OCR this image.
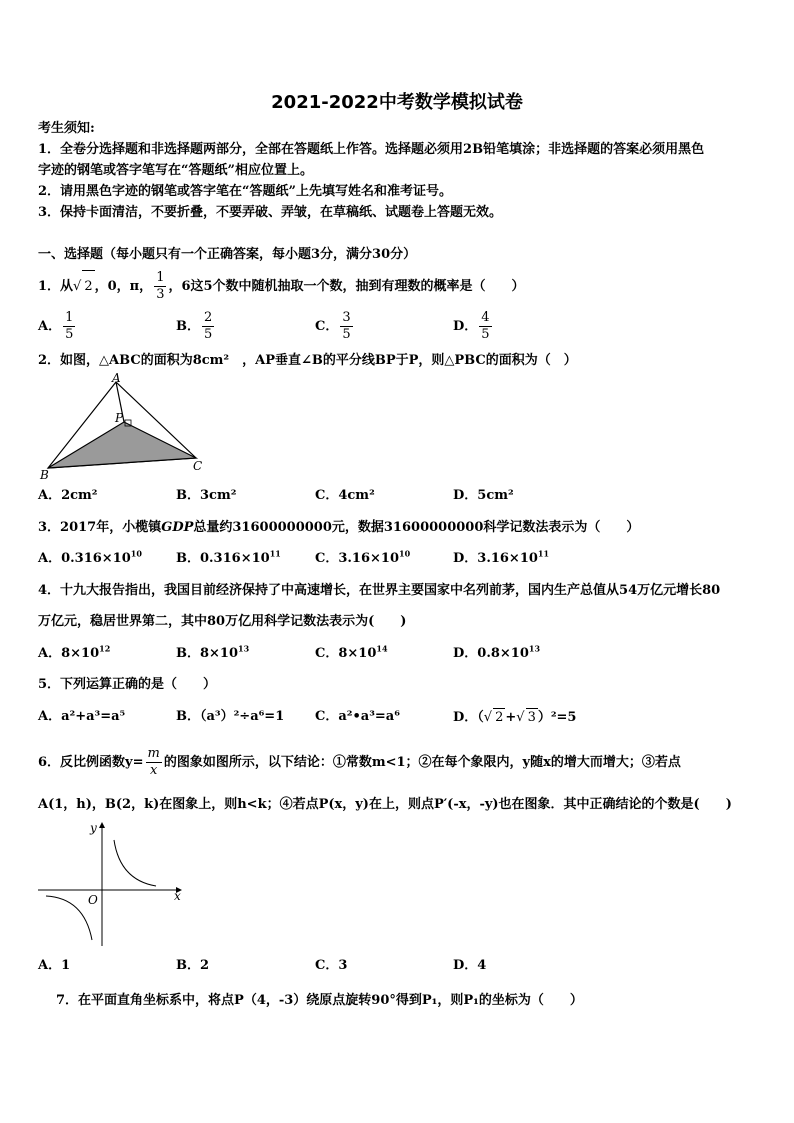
2021-2022中考数学模拟试卷
考生须知:
1．全卷分选择题和非选择题两部分，全部在答题纸上作答。选择题必须用2B铅笔填涂；非选择题的答案必须用黑色
字迹的钢笔或答字笔写在“答题纸”相应位置上。
2．请用黑色字迹的钢笔或答字笔在“答题纸”上先填写姓名和准考证号。
3．保持卡面清洁，不要折叠，不要弄破、弄皱，在草稿纸、试题卷上答题无效。
一、选择题（每小题只有一个正确答案，每小题3分，满分30分）
1．从√ 2 ，0，π， $\frac{1}{3}$ ，6这5个数中随机抽取一个数，抽到有理数的概率是（　　）
A． $\frac{1}{5}$	B． $\frac{2}{5}$	C． $\frac{3}{5}$	D． $\frac{4}{5}$
2．如图，△ABC的面积为8cm²　，AP垂直∠B的平分线BP于P，则△PBC的面积为（　）
A
P
B
C
A．2cm²	B．3cm²	C．4cm²	D．5cm²
3．2017年，小榄镇GDP总量约31600000000元，数据31600000000科学记数法表示为（　　）
A．$0.316\times 10^{10}$	B．$0.316\times 10^{11}$	C．$3.16\times 10^{10}$	D．$3.16\times 10^{11}$
4．十九大报告指出，我国目前经济保持了中高速增长，在世界主要国家中名列前茅，国内生产总值从54万亿元增长80
万亿元，稳居世界第二，其中80万亿用科学记数法表示为(　　)
A．$8\times 10^{12}$	B．$8\times 10^{13}$	C．$8\times 10^{14}$	D．$0.8\times 10^{13}$
5．下列运算正确的是（　　）
A．a²+a³=a⁵	B．（a³）²÷a⁶=1 C．a²•a³=a⁶	D．（√ 2 +√ 3 ）²=5
6．反比例函数$y= \frac{m}{x}$ 的图象如图所示，以下结论：①常数m<1；②在每个象限内，y随x的增大而增大；③若点
A(1，h)，B(2，k)在图象上，则h<k；④若点P(x，y)在上，则点P′(-x，-y)也在图象．其中正确结论的个数是(　　)
y
x
O
A．1	B．2	C．3	D．4
7．在平面直角坐标系中，将点P（4，-3）绕原点旋转90°得到P₁，则P₁的坐标为（　　）
